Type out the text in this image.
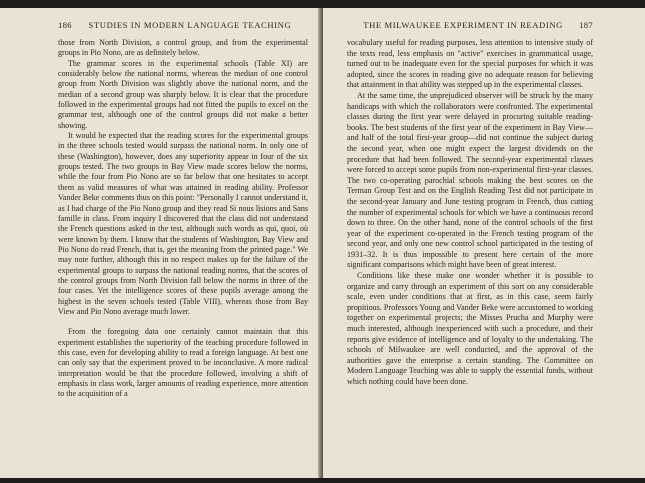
186 STUDIES IN MODERN LANGUAGE TEACHING

those from North Division, a control group, and from the experimental groups in Pio Nono, are as definitely below.

The grammar scores in the experimental schools (Table XI) are considerably below the national norms, whereas the median of one control group from North Division was slightly above the national norm, and the median of a second group was sharply below. It is clear that the procedure followed in the experimental groups had not fitted the pupils to excel on the grammar test, although one of the control groups did not make a better showing.

It would be expected that the reading scores for the experimental groups in the three schools tested would surpass the national norm. In only one of these (Washington), however, does any superiority appear in four of the six groups tested. The two groups in Bay View made scores below the norms, while the four from Pio Nono are so far below that one hesitates to accept them as valid measures of what was attained in reading ability. Professor Vander Beke comments thus on this point: "Personally I cannot understand it, as I had charge of the Pio Nono group and they read Si nous lisions and Sans famille in class. From inquiry I discovered that the class did not understand the French questions asked in the test, although such words as qui, quoi, où were known by them. I know that the students of Washington, Bay View and Pio Nono do read French, that is, get the meaning from the printed page." We may note further, although this in no respect makes up for the failure of the experimental groups to surpass the national reading norms, that the scores of the control groups from North Division fall below the norms in three of the four cases. Yet the intelligence scores of these pupils average among the highest in the seven schools tested (Table VIII), whereas those from Bay View and Pio Nono average much lower.

From the foregoing data one certainly cannot maintain that this experiment establishes the superiority of the teaching procedure followed in this case, even for developing ability to read a foreign language. At best one can only say that the experiment proved to be inconclusive. A more radical interpretation would be that the procedure followed, involving a shift of emphasis in class work, larger amounts of reading experience, more attention to the acquisition of a

THE MILWAUKEE EXPERIMENT IN READING 187

vocabulary useful for reading purposes, less attention to intensive study of the texts read, less emphasis on "active" exercises in grammatical usage, turned out to be inadequate even for the special purposes for which it was adopted, since the scores in reading give no adequate reason for believing that attainment in that ability was stepped up in the experimental classes.

At the same time, the unprejudiced observer will be struck by the many handicaps with which the collaborators were confronted. The experimental classes during the first year were delayed in procuring suitable reading-books. The best students of the first year of the experiment in Bay View—and half of the total first-year group—did not continue the subject during the second year, when one might expect the largest dividends on the procedure that had been followed. The second-year experimental classes were forced to accept some pupils from non-experimental first-year classes. The two co-operating parochial schools making the best scores on the Terman Group Test and on the English Reading Test did not participate in the second-year January and June testing program in French, thus cutting the number of experimental schools for which we have a continuous record down to three. On the other hand, none of the control schools of the first year of the experiment co-operated in the French testing program of the second year, and only one new control school participated in the testing of 1931–32. It is thus impossible to present here certain of the more significant comparisons which might have been of great interest.

Conditions like these make one wonder whether it is possible to organize and carry through an experiment of this sort on any considerable scale, even under conditions that at first, as in this case, seem fairly propitious. Professors Young and Vander Beke were accustomed to working together on experimental projects; the Misses Prucha and Murphy were much interested, although inexperienced with such a procedure, and their reports give evidence of intelligence and of loyalty to the undertaking. The schools of Milwaukee are well conducted, and the approval of the authorities gave the enterprise a certain standing. The Committee on Modern Language Teaching was able to supply the essential funds, without which nothing could have been done.
